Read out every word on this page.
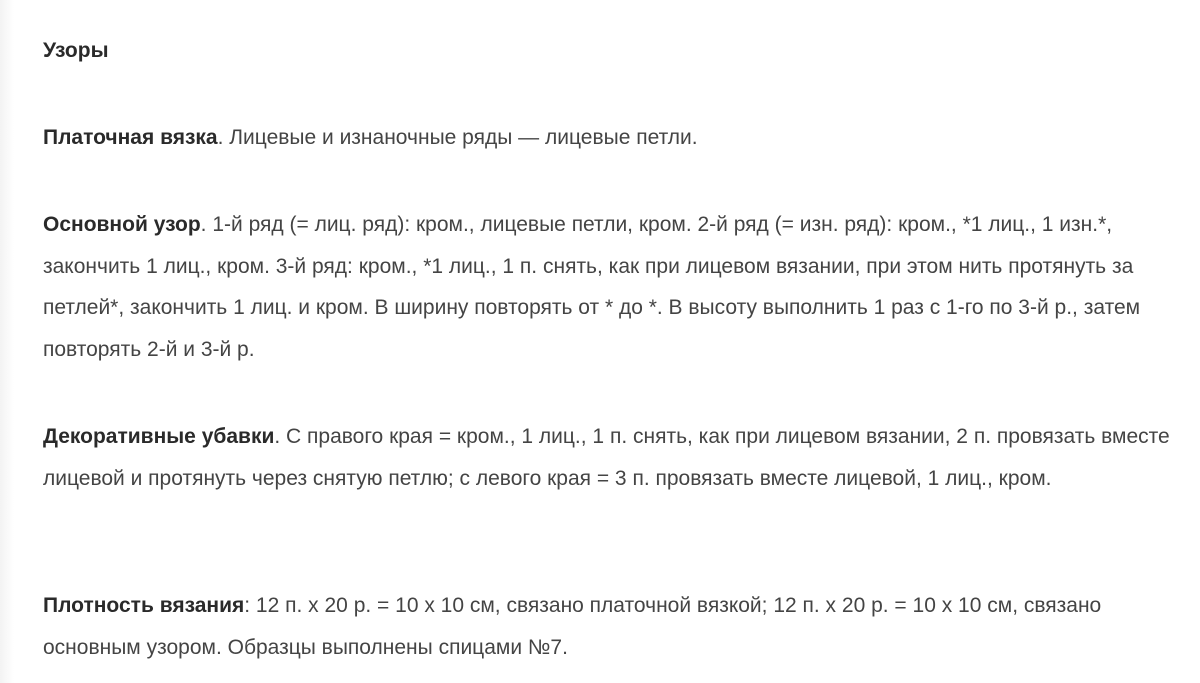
Узоры

Платочная вязка. Лицевые и изнаночные ряды — лицевые петли.

Основной узор. 1-й ряд (= лиц. ряд): кром., лицевые петли, кром. 2-й ряд (= изн. ряд): кром., *1 лиц., 1 изн.*, закончить 1 лиц., кром. 3-й ряд: кром., *1 лиц., 1 п. снять, как при лицевом вязании, при этом нить протянуть за петлей*, закончить 1 лиц. и кром. В ширину повторять от * до *. В высоту выполнить 1 раз с 1-го по 3-й р., затем повторять 2-й и 3-й р.

Декоративные убавки. С правого края = кром., 1 лиц., 1 п. снять, как при лицевом вязании, 2 п. провязать вместе лицевой и протянуть через снятую петлю; с левого края = 3 п. провязать вместе лицевой, 1 лиц., кром.

Плотность вязания: 12 п. х 20 р. = 10 х 10 см, связано платочной вязкой; 12 п. х 20 р. = 10 х 10 см, связано основным узором. Образцы выполнены спицами №7.
